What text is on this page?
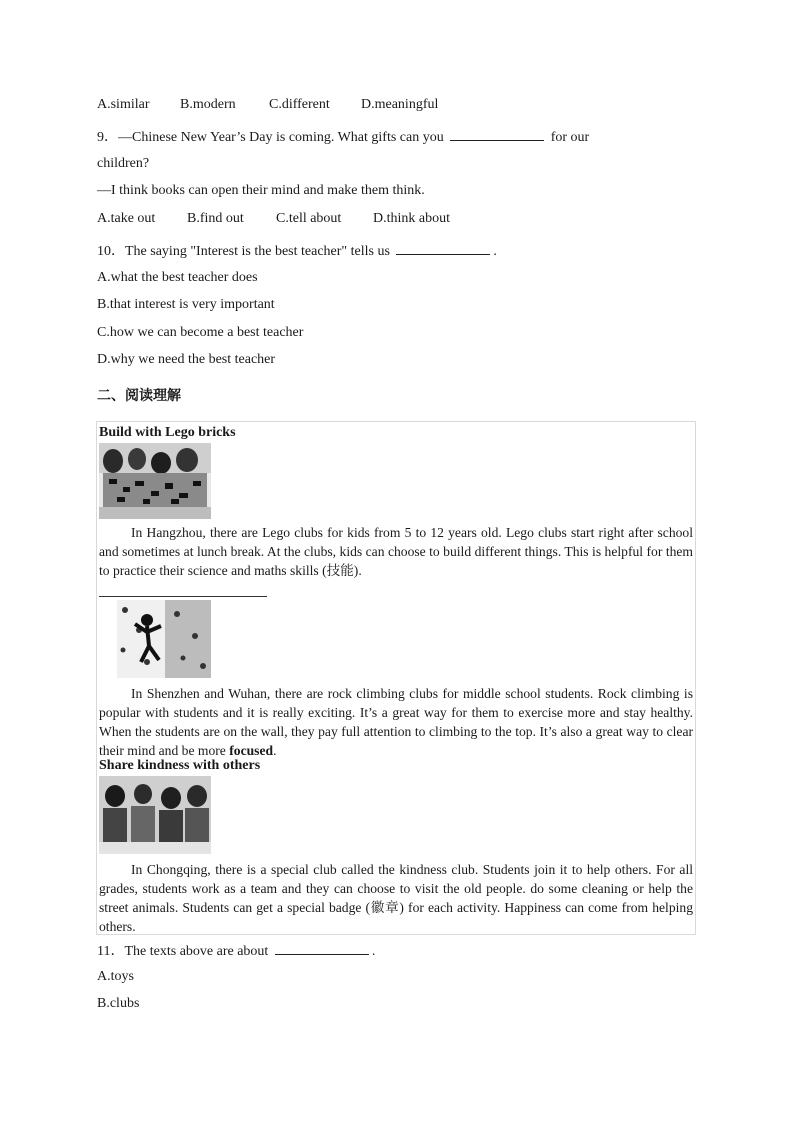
A.similar B.modern C.different D.meaningful
9．—Chinese New Year’s Day is coming. What gifts can you	for our
children?
—I think books can open their mind and make them think.
A.take out B.find out C.tell about D.think about
10．The saying "Interest is the best teacher" tells us	.
A.what the best teacher does
B.that interest is very important
C.how we can become a best teacher
D.why we need the best teacher
二、阅读理解
Build with Lego bricks
In Hangzhou, there are Lego clubs for kids from 5 to 12 years old. Lego clubs start right after school and sometimes at lunch break. At the clubs, kids can choose to build different things. This is helpful for them to practice their science and maths skills (技能).
In Shenzhen and Wuhan, there are rock climbing clubs for middle school students. Rock climbing is popular with students and it is really exciting. It’s a great way for them to exercise more and stay healthy. When the students are on the wall, they pay full attention to climbing to the top. It’s also a great way to clear their mind and be more focused.
Share kindness with others
In Chongqing, there is a special club called the kindness club. Students join it to help others. For all grades, students work as a team and they can choose to visit the old people. do some cleaning or help the street animals. Students can get a special badge (徽章) for each activity. Happiness can come from helping others.
11．The texts above are about	.
A.toys
B.clubs
